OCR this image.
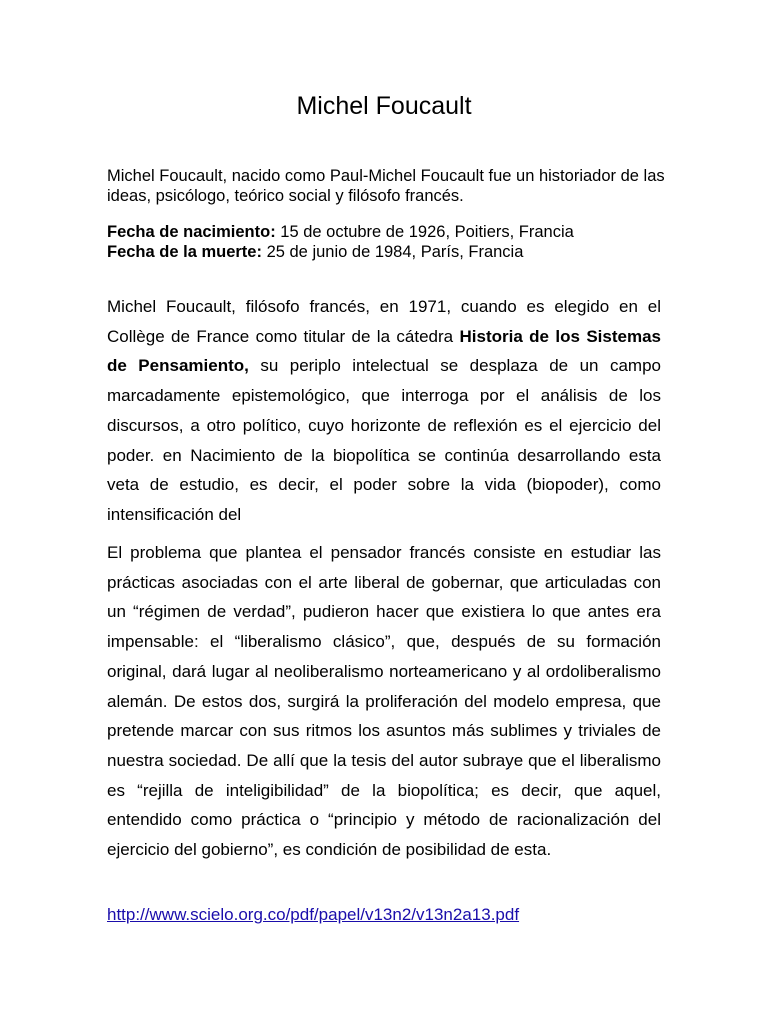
Michel Foucault
Michel Foucault, nacido como Paul-Michel Foucault fue un historiador de las ideas, psicólogo, teórico social y filósofo francés.
Fecha de nacimiento: 15 de octubre de 1926, Poitiers, Francia
Fecha de la muerte: 25 de junio de 1984, París, Francia
Michel Foucault, filósofo francés, en 1971, cuando es elegido en el Collège de France como titular de la cátedra Historia de los Sistemas de Pensamiento, su periplo intelectual se desplaza de un campo marcadamente epistemológico, que interroga por el análisis de los discursos, a otro político, cuyo horizonte de reflexión es el ejercicio del poder. en Nacimiento de la biopolítica se continúa desarrollando esta veta de estudio, es decir, el poder sobre la vida (biopoder), como intensificación del
El problema que plantea el pensador francés consiste en estudiar las prácticas asociadas con el arte liberal de gobernar, que articuladas con un “régimen de verdad”, pudieron hacer que existiera lo que antes era impensable: el “liberalismo clásico”, que, después de su formación original, dará lugar al neoliberalismo norteamericano y al ordoliberalismo alemán. De estos dos, surgirá la proliferación del modelo empresa, que pretende marcar con sus ritmos los asuntos más sublimes y triviales de nuestra sociedad. De allí que la tesis del autor subraye que el liberalismo es “rejilla de inteligibilidad” de la biopolítica; es decir, que aquel, entendido como práctica o “principio y método de racionalización del ejercicio del gobierno”, es condición de posibilidad de esta.
http://www.scielo.org.co/pdf/papel/v13n2/v13n2a13.pdf
